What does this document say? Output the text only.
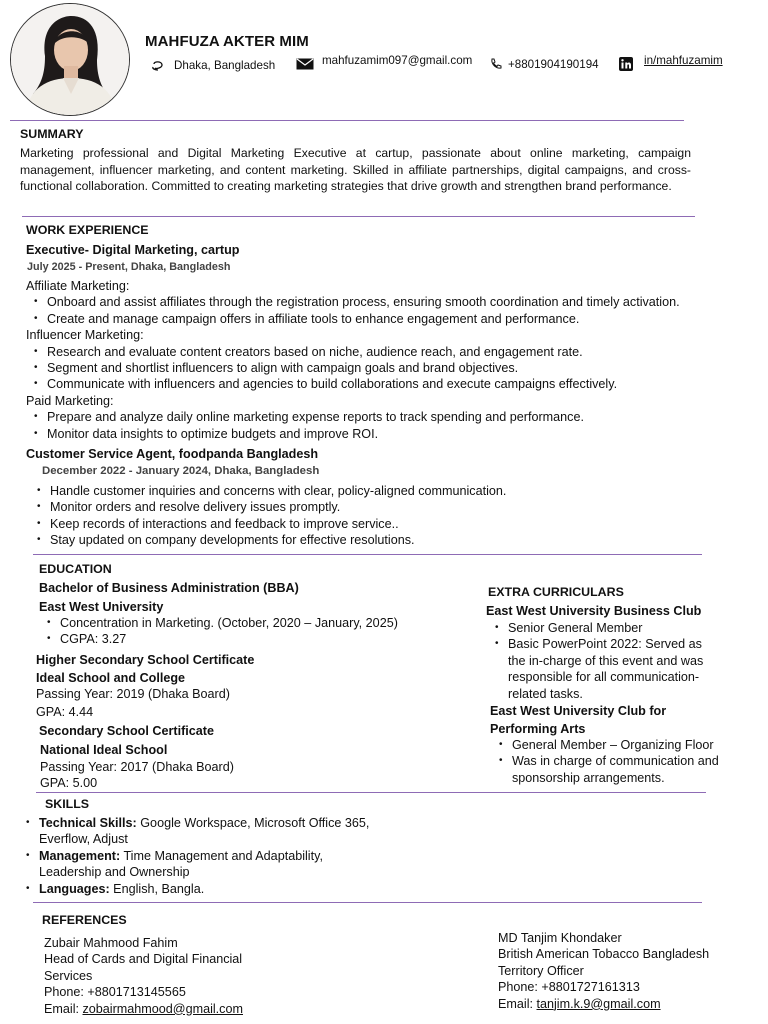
MAHFUZA AKTER MIM
Dhaka, Bangladesh	mahfuzamim097@gmail.com	+8801904190194	in/mahfuzamim
SUMMARY
Marketing professional and Digital Marketing Executive at cartup, passionate about online marketing, campaign management, influencer marketing, and content marketing. Skilled in affiliate partnerships, digital campaigns, and cross-functional collaboration. Committed to creating marketing strategies that drive growth and strengthen brand performance.
WORK EXPERIENCE
Executive- Digital Marketing, cartup
July 2025 - Present, Dhaka, Bangladesh
Affiliate Marketing:
• Onboard and assist affiliates through the registration process, ensuring smooth coordination and timely activation.
• Create and manage campaign offers in affiliate tools to enhance engagement and performance.
Influencer Marketing:
• Research and evaluate content creators based on niche, audience reach, and engagement rate.
• Segment and shortlist influencers to align with campaign goals and brand objectives.
• Communicate with influencers and agencies to build collaborations and execute campaigns effectively.
Paid Marketing:
• Prepare and analyze daily online marketing expense reports to track spending and performance.
• Monitor data insights to optimize budgets and improve ROI.
Customer Service Agent, foodpanda Bangladesh
December 2022 - January 2024, Dhaka, Bangladesh
• Handle customer inquiries and concerns with clear, policy-aligned communication.
• Monitor orders and resolve delivery issues promptly.
• Keep records of interactions and feedback to improve service..
• Stay updated on company developments for effective resolutions.
EDUCATION
Bachelor of Business Administration (BBA)
East West University
• Concentration in Marketing. (October, 2020 – January, 2025)
• CGPA: 3.27
Higher Secondary School Certificate
Ideal School and College
Passing Year: 2019 (Dhaka Board)
GPA: 4.44
Secondary School Certificate
National Ideal School
Passing Year: 2017 (Dhaka Board)
GPA: 5.00
EXTRA CURRICULARS
East West University Business Club
• Senior General Member
• Basic PowerPoint 2022: Served as
the in-charge of this event and was
responsible for all communication-
related tasks.
East West University Club for
Performing Arts
• General Member – Organizing Floor
• Was in charge of communication and
sponsorship arrangements.
SKILLS
• Technical Skills: Google Workspace, Microsoft Office 365,
Everflow, Adjust
• Management: Time Management and Adaptability,
Leadership and Ownership
• Languages: English, Bangla.
REFERENCES
Zubair Mahmood Fahim
Head of Cards and Digital Financial
Services
Phone: +8801713145565
Email: zobairmahmood@gmail.com
MD Tanjim Khondaker
British American Tobacco Bangladesh
Territory Officer
Phone: +8801727161313
Email: tanjim.k.9@gmail.com
